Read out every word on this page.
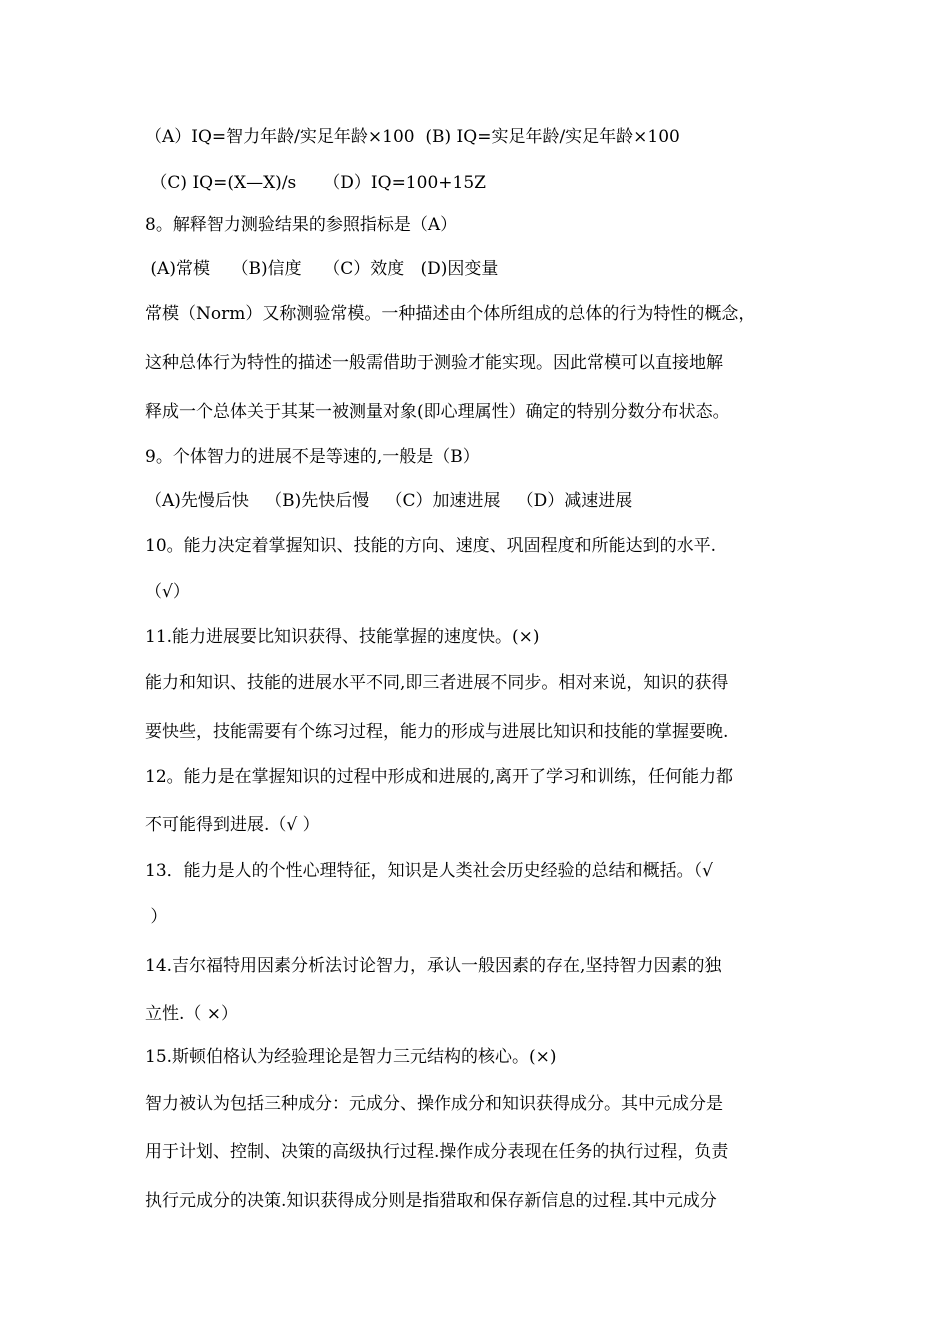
（A）IQ=智力年龄/实足年龄×100  (B) IQ=实足年龄/实足年龄×100
（C) IQ=(X—X)/s     （D）IQ=100+15Z
8。解释智力测验结果的参照指标是（A）
(A)常模    （B)信度    （C）效度   (D)因变量
常模（Norm）又称测验常模。一种描述由个体所组成的总体的行为特性的概念，
这种总体行为特性的描述一般需借助于测验才能实现。因此常模可以直接地解
释成一个总体关于其某一被测量对象(即心理属性）确定的特别分数分布状态。
9。个体智力的进展不是等速的,一般是（B）
（A)先慢后快   （B)先快后慢   （C）加速进展   （D）减速进展
10。能力决定着掌握知识、技能的方向、速度、巩固程度和所能达到的水平.
（√）
11.能力进展要比知识获得、技能掌握的速度快。(×)
能力和知识、技能的进展水平不同,即三者进展不同步。相对来说，知识的获得
要快些，技能需要有个练习过程，能力的形成与进展比知识和技能的掌握要晚.
12。能力是在掌握知识的过程中形成和进展的,离开了学习和训练，任何能力都
不可能得到进展.（√ ）
13．能力是人的个性心理特征，知识是人类社会历史经验的总结和概括。（√
）
14.吉尔福特用因素分析法讨论智力，承认一般因素的存在,坚持智力因素的独
立性.（ ×）
15.斯顿伯格认为经验理论是智力三元结构的核心。(×)
智力被认为包括三种成分：元成分、操作成分和知识获得成分。其中元成分是
用于计划、控制、决策的高级执行过程.操作成分表现在任务的执行过程，负责
执行元成分的决策.知识获得成分则是指猎取和保存新信息的过程.其中元成分
